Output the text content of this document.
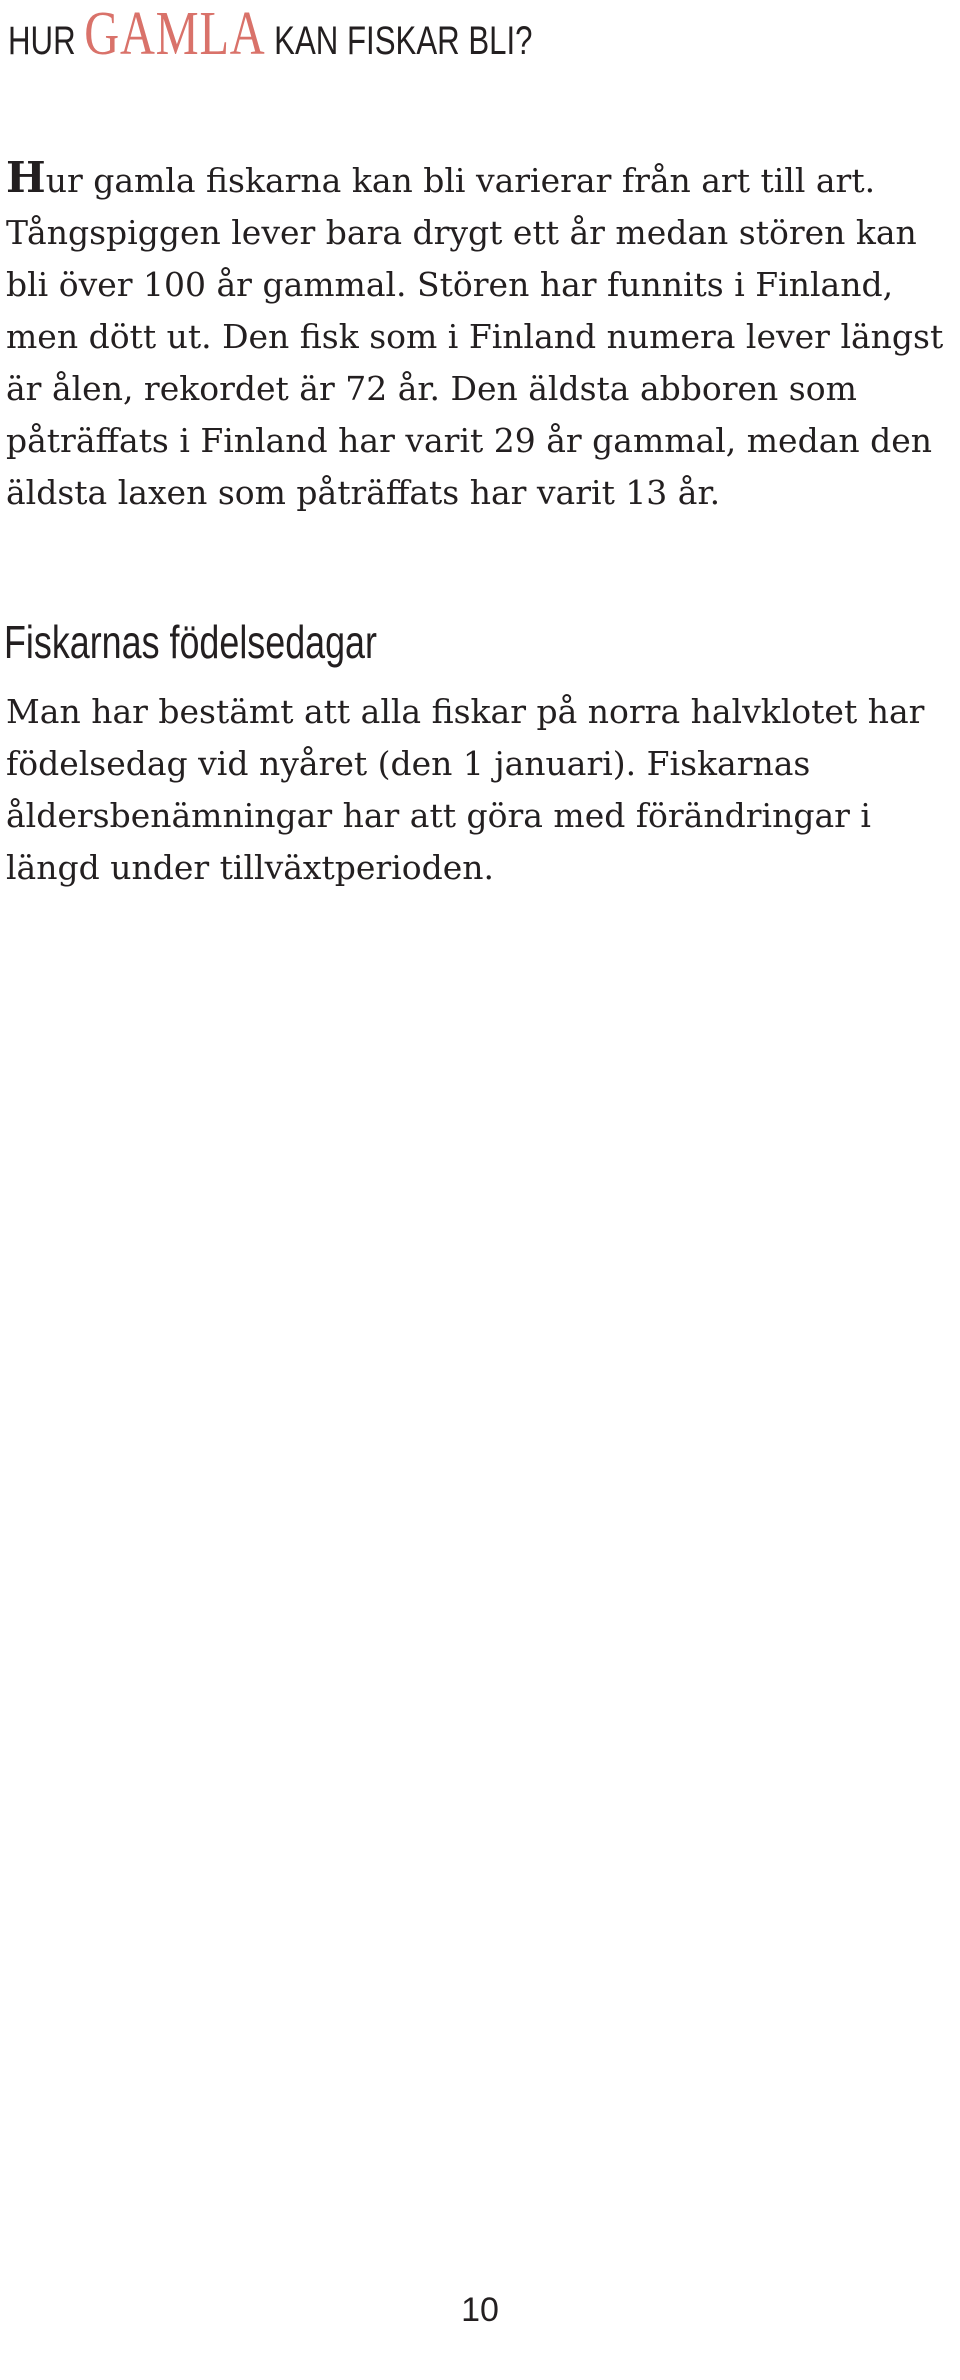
HUR GAMLA KAN FISKAR BLI?

Hur gamla fiskarna kan bli varierar från art till art. Tångspiggen lever bara drygt ett år medan stören kan bli över 100 år gammal. Stören har funnits i Finland, men dött ut. Den fisk som i Finland numera lever längst är ålen, rekordet är 72 år. Den äldsta abboren som påträffats i Finland har varit 29 år gammal, medan den äldsta laxen som påträffats har varit 13 år.

Fiskarnas födelsedagar

Man har bestämt att alla fiskar på norra halvklotet har födelsedag vid nyåret (den 1 januari). Fiskarnas åldersbenämningar har att göra med förändringar i längd under tillväxtperioden.

10
